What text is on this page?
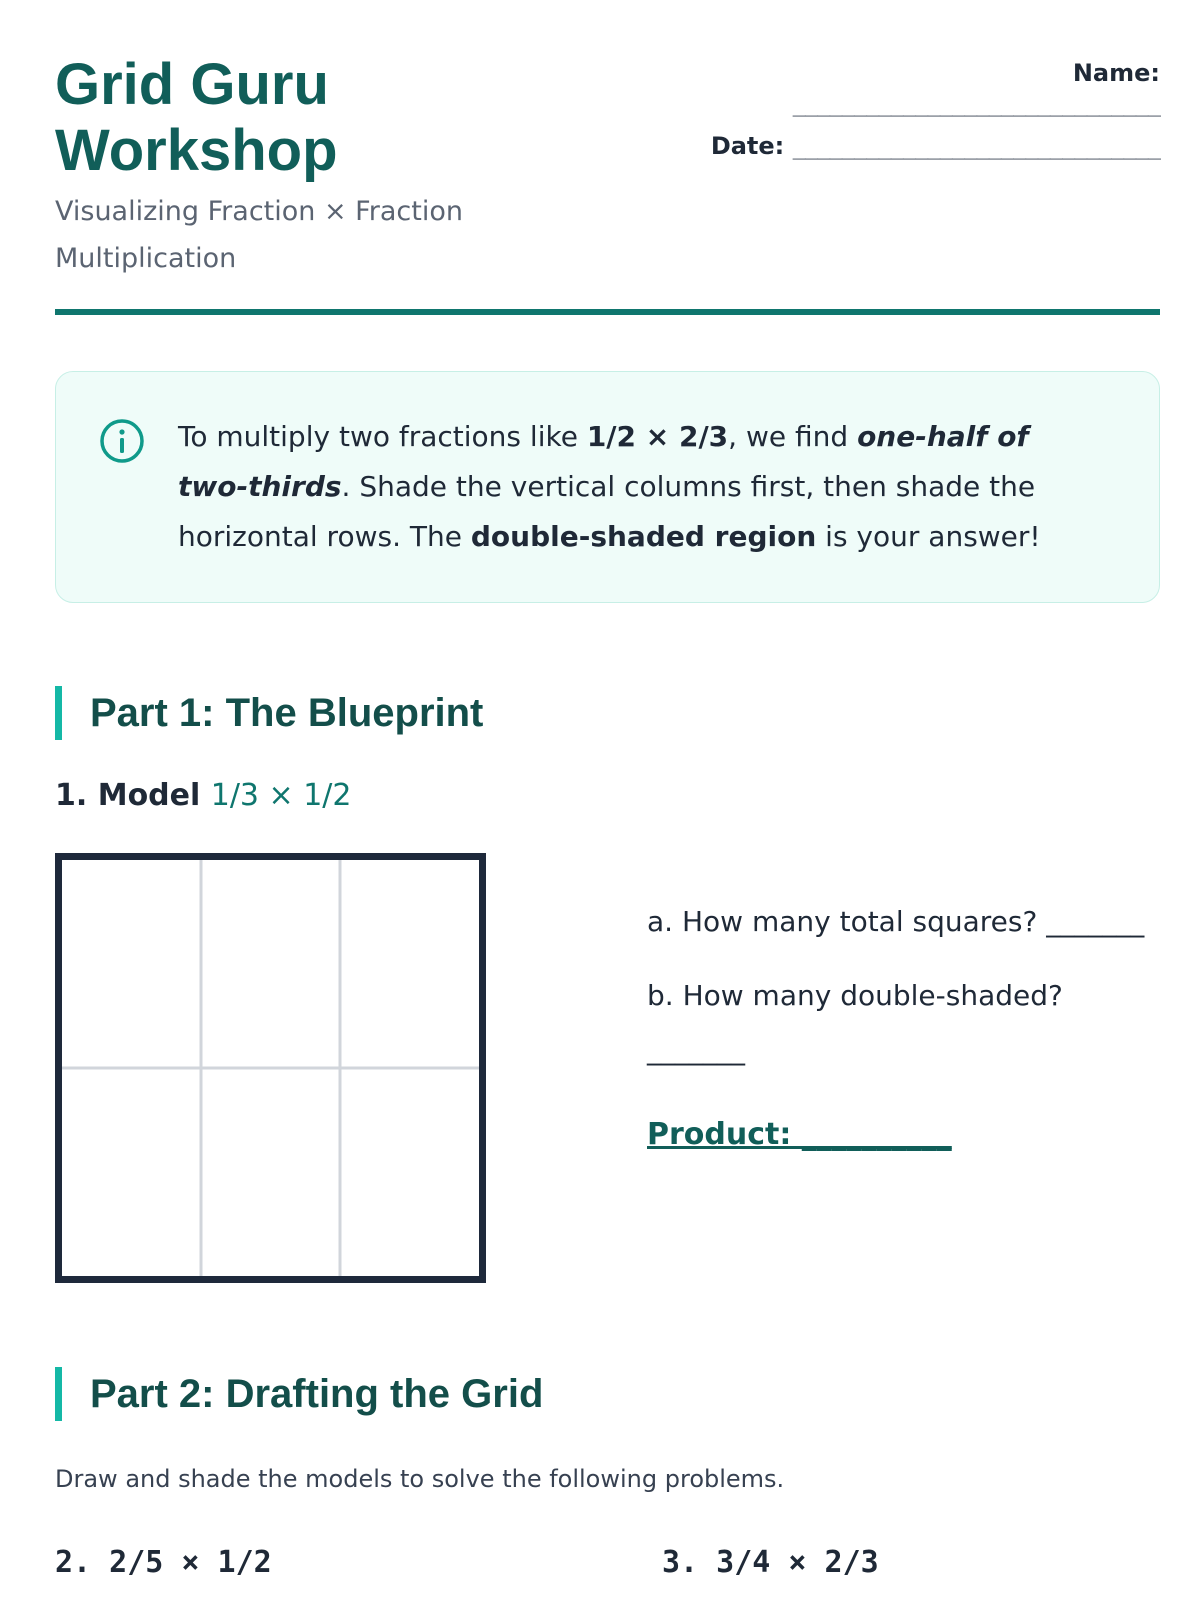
Grid Guru
Workshop
Visualizing Fraction × Fraction Multiplication
Name:
______________________________
Date: ______________________________
To multiply two fractions like 1/2 × 2/3, we find one-half of two-thirds. Shade the vertical columns first, then shade the horizontal rows. The double-shaded region is your answer!
Part 1: The Blueprint
1. Model 1/3 × 1/2
a. How many total squares? _______
b. How many double-shaded? _______
Product: __________
Part 2: Drafting the Grid
Draw and shade the models to solve the following problems.
2. 2/5 × 1/2	3. 3/4 × 2/3
